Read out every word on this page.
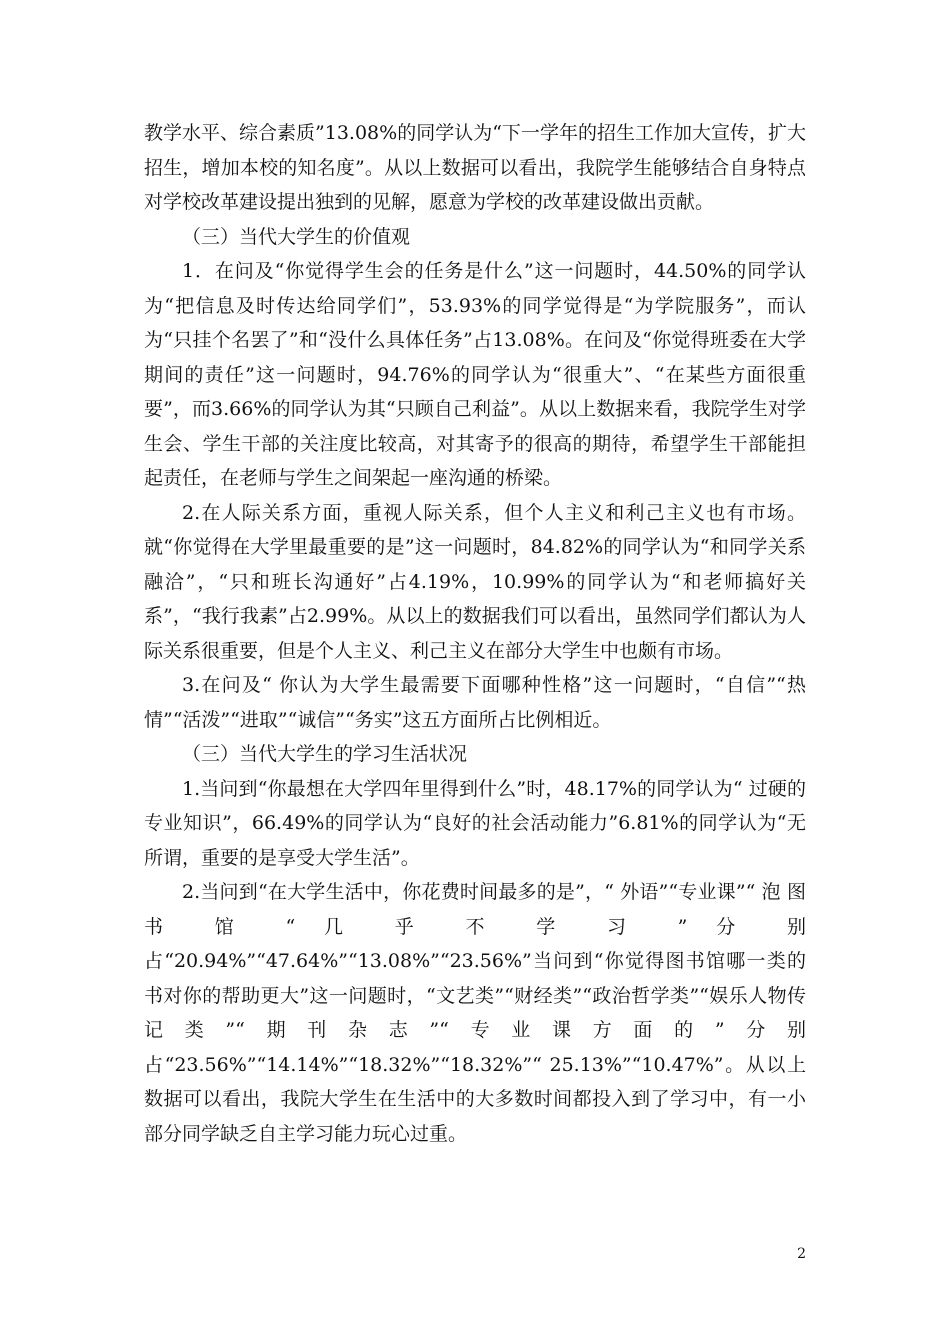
教学水平、综合素质”13.08%的同学认为“下一学年的招生工作加大宣传，扩大招生，增加本校的知名度”。从以上数据可以看出，我院学生能够结合自身特点对学校改革建设提出独到的见解，愿意为学校的改革建设做出贡献。

（三）当代大学生的价值观

1．在问及“你觉得学生会的任务是什么”这一问题时，44.50%的同学认为“把信息及时传达给同学们”，53.93%的同学觉得是“为学院服务”，而认为“只挂个名罢了”和“没什么具体任务”占13.08%。在问及“你觉得班委在大学期间的责任”这一问题时，94.76%的同学认为“很重大”、“在某些方面很重要”，而3.66%的同学认为其“只顾自己利益”。从以上数据来看，我院学生对学生会、学生干部的关注度比较高，对其寄予的很高的期待，希望学生干部能担起责任，在老师与学生之间架起一座沟通的桥梁。

2.在人际关系方面，重视人际关系，但个人主义和利己主义也有市场。就“你觉得在大学里最重要的是”这一问题时，84.82%的同学认为“和同学关系融洽”，“只和班长沟通好”占4.19%，10.99%的同学认为“和老师搞好关系”，“我行我素”占2.99%。从以上的数据我们可以看出，虽然同学们都认为人际关系很重要，但是个人主义、利己主义在部分大学生中也颇有市场。

3.在问及“ 你认为大学生最需要下面哪种性格”这一问题时，“自信”“热情”“活泼”“进取”“诚信”“务实”这五方面所占比例相近。

（三）当代大学生的学习生活状况

1.当问到“你最想在大学四年里得到什么”时，48.17%的同学认为“ 过硬的专业知识”，66.49%的同学认为“良好的社会活动能力”6.81%的同学认为“无所谓，重要的是享受大学生活”。

2.当问到“在大学生活中，你花费时间最多的是”，“ 外语”“专业课”“ 泡 图 书 馆 “ 几 乎 不 学 习 ” 分 别 占“20.94%”“47.64%”“13.08%”“23.56%”当问到“你觉得图书馆哪一类的书对你的帮助更大”这一问题时，“文艺类”“财经类”“政治哲学类”“娱乐人物传记类”“期刊杂志”“专业课方面的”分别占“23.56%”“14.14%”“18.32%”“18.32%”“ 25.13%”“10.47%”。从以上数据可以看出，我院大学生在生活中的大多数时间都投入到了学习中，有一小部分同学缺乏自主学习能力玩心过重。

2
